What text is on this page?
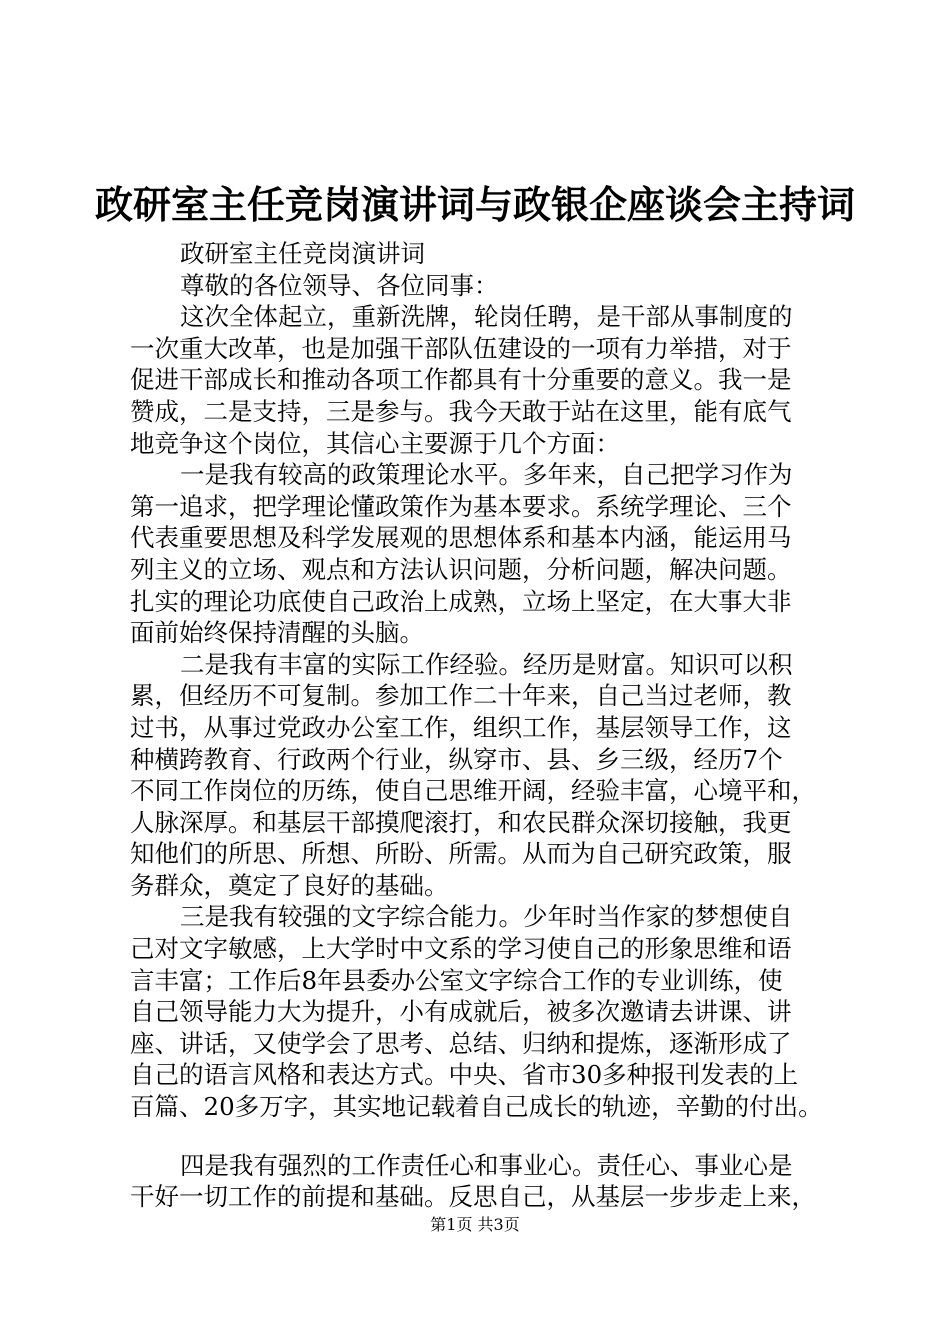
政研室主任竞岗演讲词与政银企座谈会主持词
政研室主任竞岗演讲词
尊敬的各位领导、各位同事：
这次全体起立，重新洗牌，轮岗任聘，是干部从事制度的
一次重大改革，也是加强干部队伍建设的一项有力举措，对于
促进干部成长和推动各项工作都具有十分重要的意义。我一是
赞成，二是支持，三是参与。我今天敢于站在这里，能有底气
地竞争这个岗位，其信心主要源于几个方面：
一是我有较高的政策理论水平。多年来，自己把学习作为
第一追求，把学理论懂政策作为基本要求。系统学理论、三个
代表重要思想及科学发展观的思想体系和基本内涵，能运用马
列主义的立场、观点和方法认识问题，分析问题，解决问题。
扎实的理论功底使自己政治上成熟，立场上坚定，在大事大非
面前始终保持清醒的头脑。
二是我有丰富的实际工作经验。经历是财富。知识可以积
累，但经历不可复制。参加工作二十年来，自己当过老师，教
过书，从事过党政办公室工作，组织工作，基层领导工作，这
种横跨教育、行政两个行业，纵穿市、县、乡三级，经历7个
不同工作岗位的历练，使自己思维开阔，经验丰富，心境平和，
人脉深厚。和基层干部摸爬滚打，和农民群众深切接触，我更
知他们的所思、所想、所盼、所需。从而为自己研究政策，服
务群众，奠定了良好的基础。
三是我有较强的文字综合能力。少年时当作家的梦想使自
己对文字敏感，上大学时中文系的学习使自己的形象思维和语
言丰富；工作后8年县委办公室文字综合工作的专业训练，使
自己领导能力大为提升，小有成就后，被多次邀请去讲课、讲
座、讲话，又使学会了思考、总结、归纳和提炼，逐渐形成了
自己的语言风格和表达方式。中央、省市30多种报刊发表的上
百篇、20多万字，其实地记载着自己成长的轨迹，辛勤的付出。
四是我有强烈的工作责任心和事业心。责任心、事业心是
干好一切工作的前提和基础。反思自己，从基层一步步走上来，
第1页 共3页
